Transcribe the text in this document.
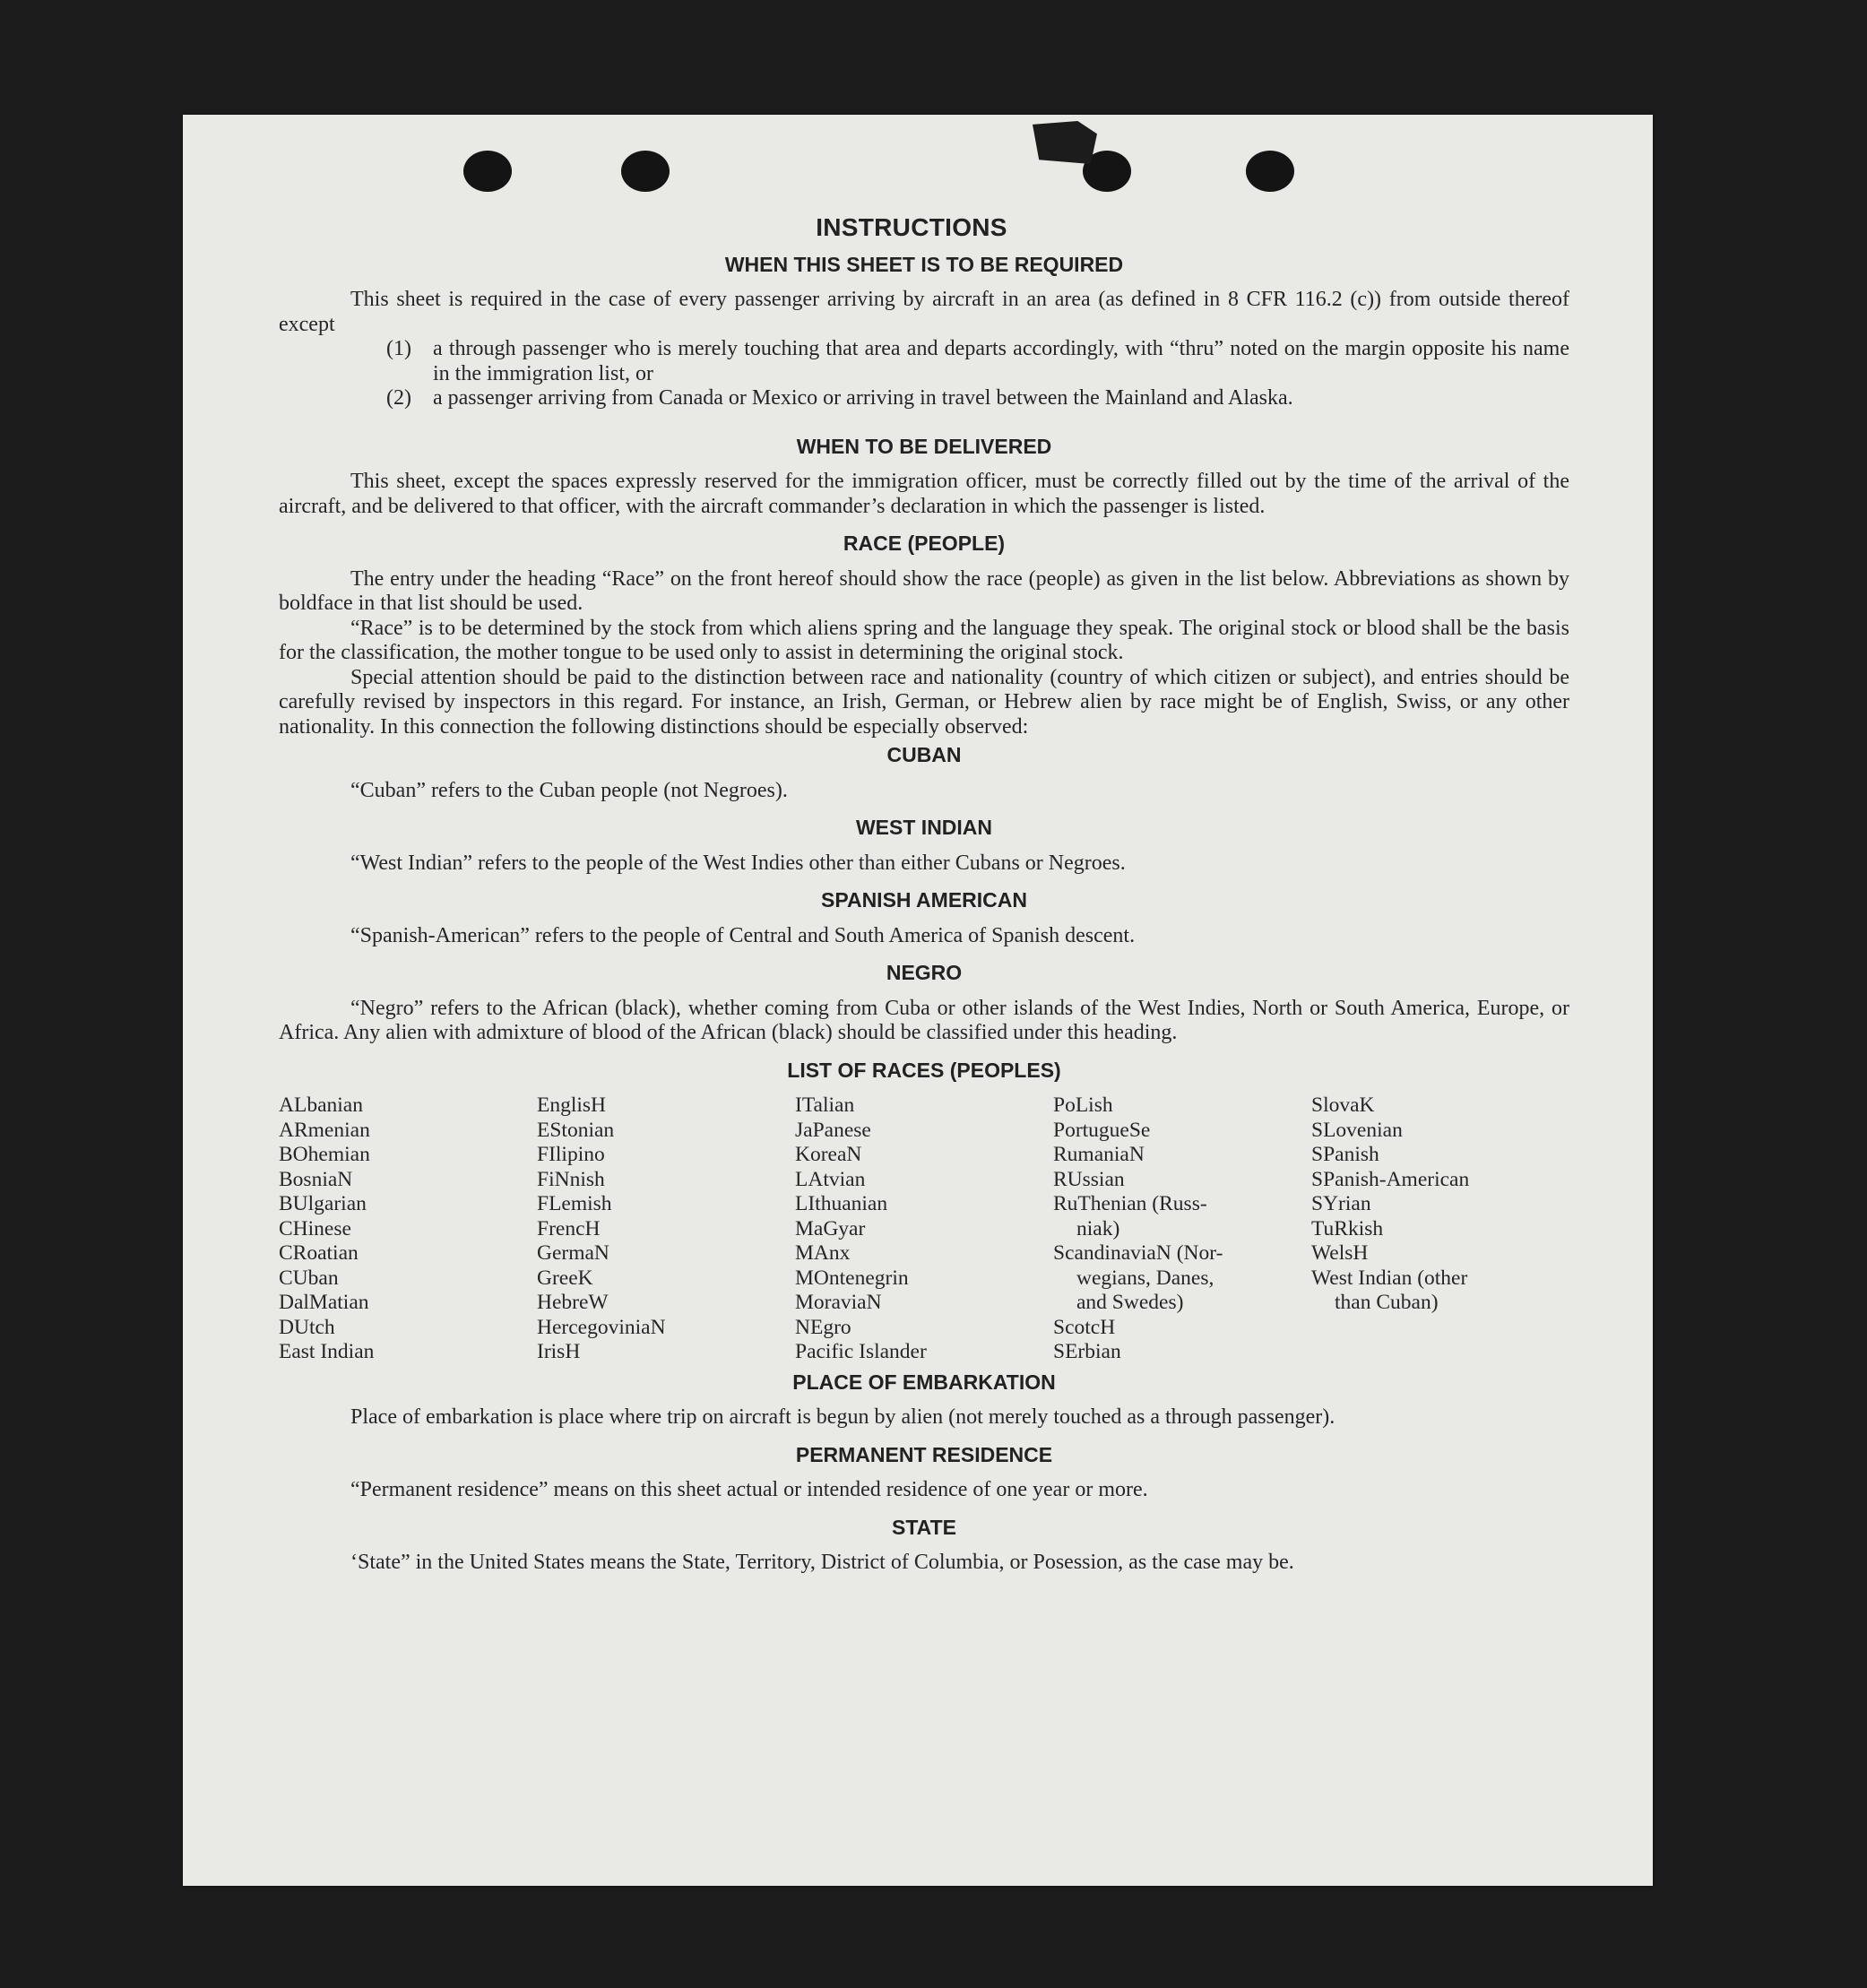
INSTRUCTIONS
WHEN THIS SHEET IS TO BE REQUIRED

This sheet is required in the case of every passenger arriving by aircraft in an area (as defined in 8 CFR 116.2 (c)) from outside thereof except

(1)	a through passenger who is merely touching that area and departs accordingly, with “thru” noted on the margin opposite his name in the immigration list, or

(2)	a passenger arriving from Canada or Mexico or arriving in travel between the Mainland and Alaska.

WHEN TO BE DELIVERED

This sheet, except the spaces expressly reserved for the immigration officer, must be correctly filled out by the time of the arrival of the aircraft, and be delivered to that officer, with the aircraft commander’s declaration in which the passenger is listed.

RACE (PEOPLE)

The entry under the heading “Race” on the front hereof should show the race (people) as given in the list below. Abbreviations as shown by boldface in that list should be used.

“Race” is to be determined by the stock from which aliens spring and the language they speak. The original stock or blood shall be the basis for the classification, the mother tongue to be used only to assist in determining the original stock.

Special attention should be paid to the distinction between race and nationality (country of which citizen or subject), and entries should be carefully revised by inspectors in this regard. For instance, an Irish, German, or Hebrew alien by race might be of English, Swiss, or any other nationality. In this connection the following distinctions should be especially observed:

CUBAN

“Cuban” refers to the Cuban people (not Negroes).

WEST INDIAN

“West Indian” refers to the people of the West Indies other than either Cubans or Negroes.

SPANISH AMERICAN

“Spanish-American” refers to the people of Central and South America of Spanish descent.

NEGRO

“Negro” refers to the African (black), whether coming from Cuba or other islands of the West Indies, North or South America, Europe, or Africa. Any alien with admixture of blood of the African (black) should be classified under this heading.

LIST OF RACES (PEOPLES)
ALbanian
ARmenian
BOhemian
BosniaN
BUlgarian
CHinese
CRoatian
CUban
DalMatian
DUtch
East Indian
EnglisH
EStonian
FIlipino
FiNnish
FLemish
FrencH
GermaN
GreeK
HebreW
HercegoviniaN
IrisH
ITalian
JaPanese
KoreaN
LAtvian
LIthuanian
MaGyar
MAnx
MOntenegrin
MoraviaN
NEgro
Pacific Islander
PoLish
PortugueSe
RumaniaN
RUssian
RuThenian (Russ-
niak)
ScandinaviaN (Nor-
wegians, Danes,
and Swedes)
ScotcH
SErbian
SlovaK
SLovenian
SPanish
SPanish-American
SYrian
TuRkish
WelsH
West Indian (other
than Cuban)
PLACE OF EMBARKATION

Place of embarkation is place where trip on aircraft is begun by alien (not merely touched as a through passenger).

PERMANENT RESIDENCE

“Permanent residence” means on this sheet actual or intended residence of one year or more.

STATE

‘State” in the United States means the State, Territory, District of Columbia, or Posession, as the case may be.
